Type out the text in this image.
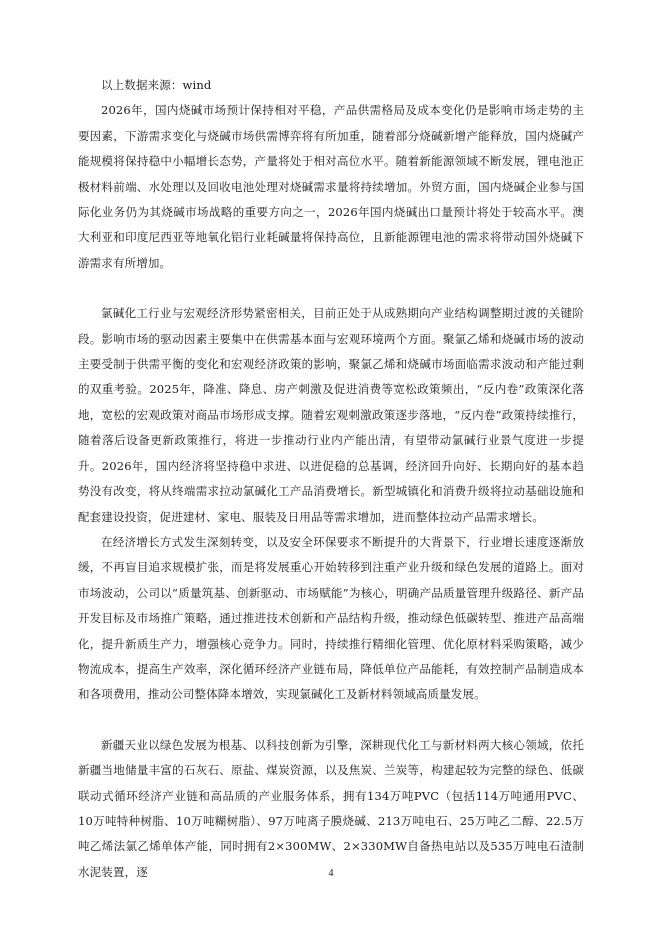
以上数据来源：wind

2026年，国内烧碱市场预计保持相对平稳，产品供需格局及成本变化仍是影响市场走势的主要因素，下游需求变化与烧碱市场供需博弈将有所加重，随着部分烧碱新增产能释放，国内烧碱产能规模将保持稳中小幅增长态势，产量将处于相对高位水平。随着新能源领域不断发展，锂电池正极材料前端、水处理以及回收电池处理对烧碱需求量将持续增加。外贸方面，国内烧碱企业参与国际化业务仍为其烧碱市场战略的重要方向之一，2026年国内烧碱出口量预计将处于较高水平。澳大利亚和印度尼西亚等地氧化铝行业耗碱量将保持高位，且新能源锂电池的需求将带动国外烧碱下游需求有所增加。

氯碱化工行业与宏观经济形势紧密相关，目前正处于从成熟期向产业结构调整期过渡的关键阶段。影响市场的驱动因素主要集中在供需基本面与宏观环境两个方面。聚氯乙烯和烧碱市场的波动主要受制于供需平衡的变化和宏观经济政策的影响，聚氯乙烯和烧碱市场面临需求波动和产能过剩的双重考验。2025年，降准、降息、房产刺激及促进消费等宽松政策频出，“反内卷”政策深化落地，宽松的宏观政策对商品市场形成支撑。随着宏观刺激政策逐步落地，“反内卷”政策持续推行，随着落后设备更新政策推行，将进一步推动行业内产能出清，有望带动氯碱行业景气度进一步提升。2026年，国内经济将坚持稳中求进、以进促稳的总基调，经济回升向好、长期向好的基本趋势没有改变，将从终端需求拉动氯碱化工产品消费增长。新型城镇化和消费升级将拉动基础设施和配套建设投资，促进建材、家电、服装及日用品等需求增加，进而整体拉动产品需求增长。

在经济增长方式发生深刻转变，以及安全环保要求不断提升的大背景下，行业增长速度逐渐放缓，不再盲目追求规模扩张，而是将发展重心开始转移到注重产业升级和绿色发展的道路上。面对市场波动，公司以“质量筑基、创新驱动、市场赋能”为核心，明确产品质量管理升级路径、新产品开发目标及市场推广策略，通过推进技术创新和产品结构升级，推动绿色低碳转型、推进产品高端化，提升新质生产力，增强核心竞争力。同时，持续推行精细化管理、优化原材料采购策略，减少物流成本，提高生产效率，深化循环经济产业链布局，降低单位产品能耗，有效控制产品制造成本和各项费用，推动公司整体降本增效，实现氯碱化工及新材料领域高质量发展。

新疆天业以绿色发展为根基、以科技创新为引擎，深耕现代化工与新材料两大核心领域，依托新疆当地储量丰富的石灰石、原盐、煤炭资源，以及焦炭、兰炭等，构建起较为完整的绿色、低碳联动式循环经济产业链和高品质的产业服务体系，拥有134万吨PVC（包括114万吨通用PVC、10万吨特种树脂、10万吨糊树脂）、97万吨离子膜烧碱、213万吨电石、25万吨乙二醇、22.5万吨乙烯法氯乙烯单体产能，同时拥有2×300MW、2×330MW自备热电站以及535万吨电石渣制水泥装置，逐	4
